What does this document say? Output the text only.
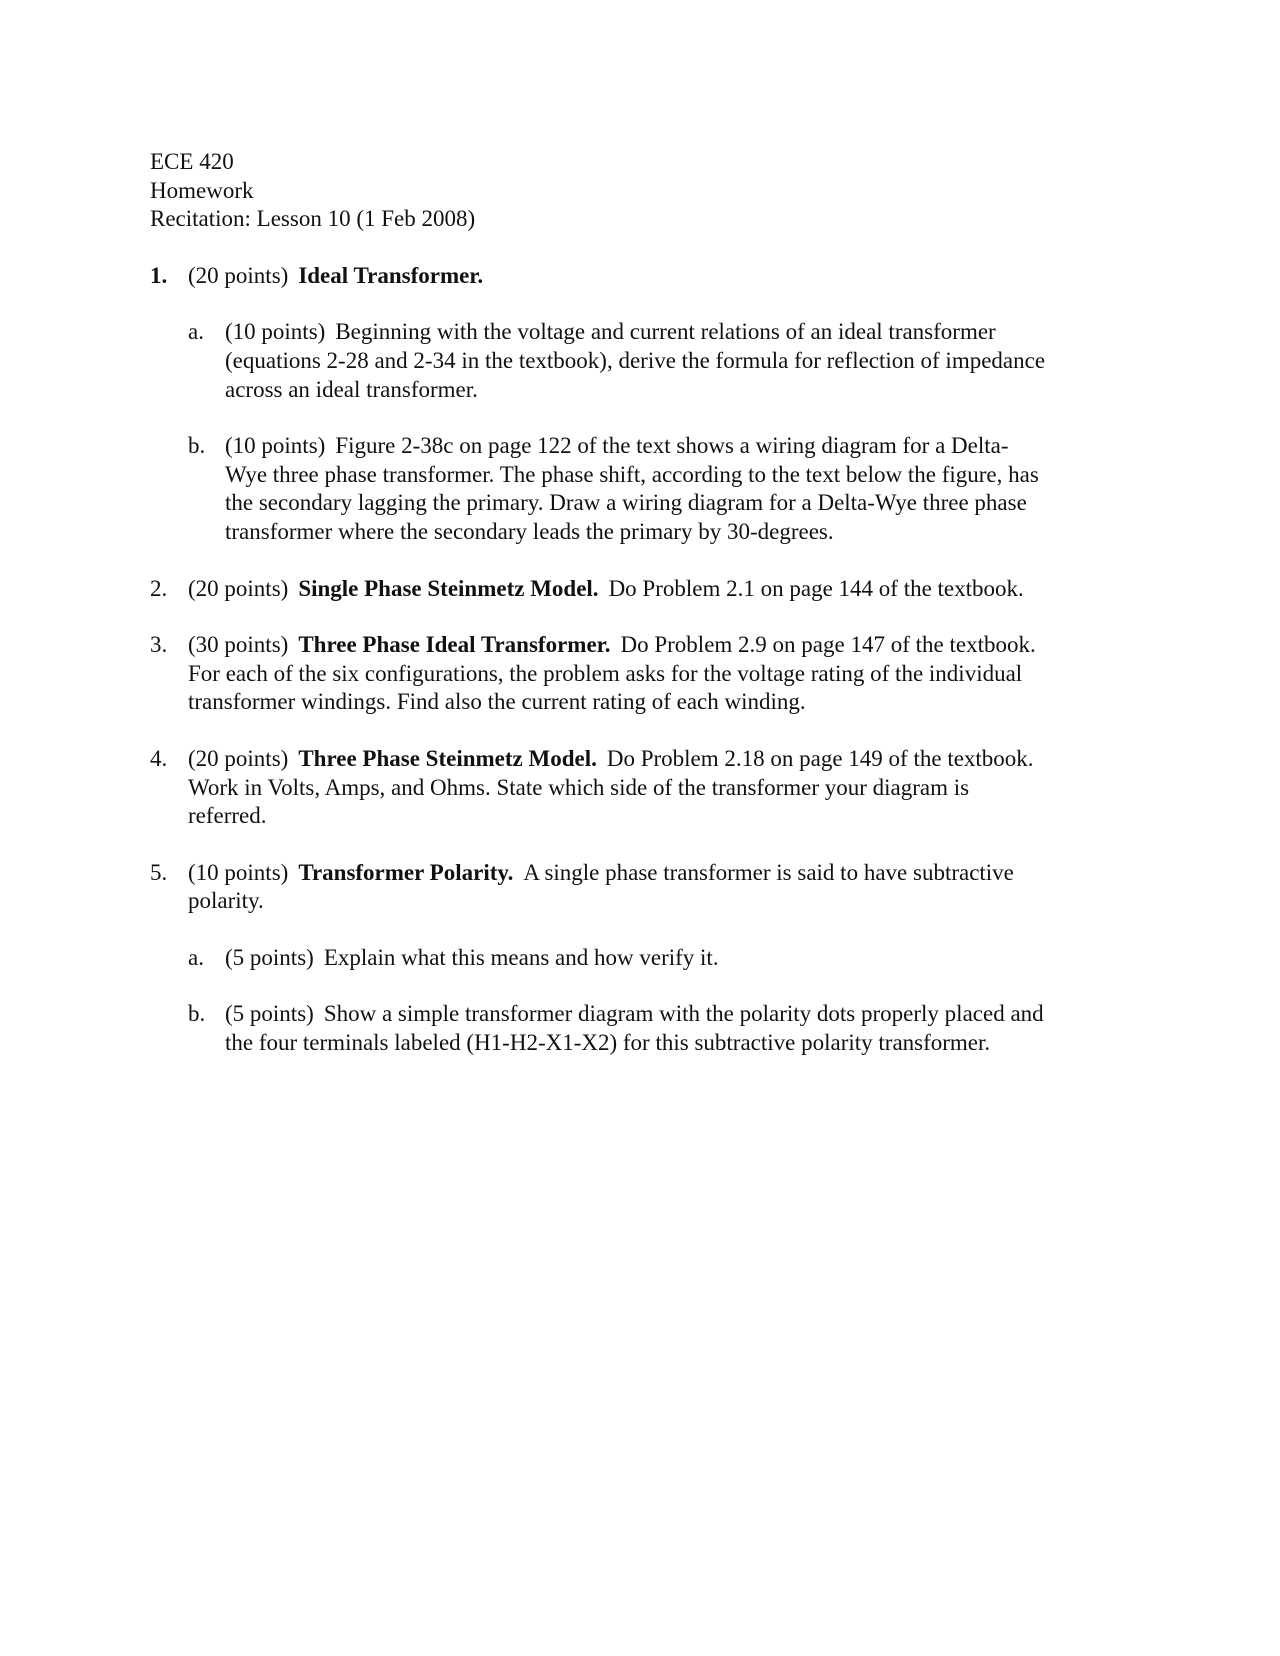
ECE 420
Homework
Recitation: Lesson 10 (1 Feb 2008)
1. (20 points) Ideal Transformer.
a. (10 points) Beginning with the voltage and current relations of an ideal transformer
(equations 2-28 and 2-34 in the textbook), derive the formula for reflection of impedance
across an ideal transformer.
b. (10 points) Figure 2-38c on page 122 of the text shows a wiring diagram for a Delta-
Wye three phase transformer. The phase shift, according to the text below the figure, has
the secondary lagging the primary. Draw a wiring diagram for a Delta-Wye three phase
transformer where the secondary leads the primary by 30-degrees.
2. (20 points) Single Phase Steinmetz Model. Do Problem 2.1 on page 144 of the textbook.
3. (30 points) Three Phase Ideal Transformer. Do Problem 2.9 on page 147 of the textbook.
For each of the six configurations, the problem asks for the voltage rating of the individual
transformer windings. Find also the current rating of each winding.
4. (20 points) Three Phase Steinmetz Model. Do Problem 2.18 on page 149 of the textbook.
Work in Volts, Amps, and Ohms. State which side of the transformer your diagram is
referred.
5. (10 points) Transformer Polarity. A single phase transformer is said to have subtractive
polarity.
a. (5 points) Explain what this means and how verify it.
b. (5 points) Show a simple transformer diagram with the polarity dots properly placed and
the four terminals labeled (H1-H2-X1-X2) for this subtractive polarity transformer.
